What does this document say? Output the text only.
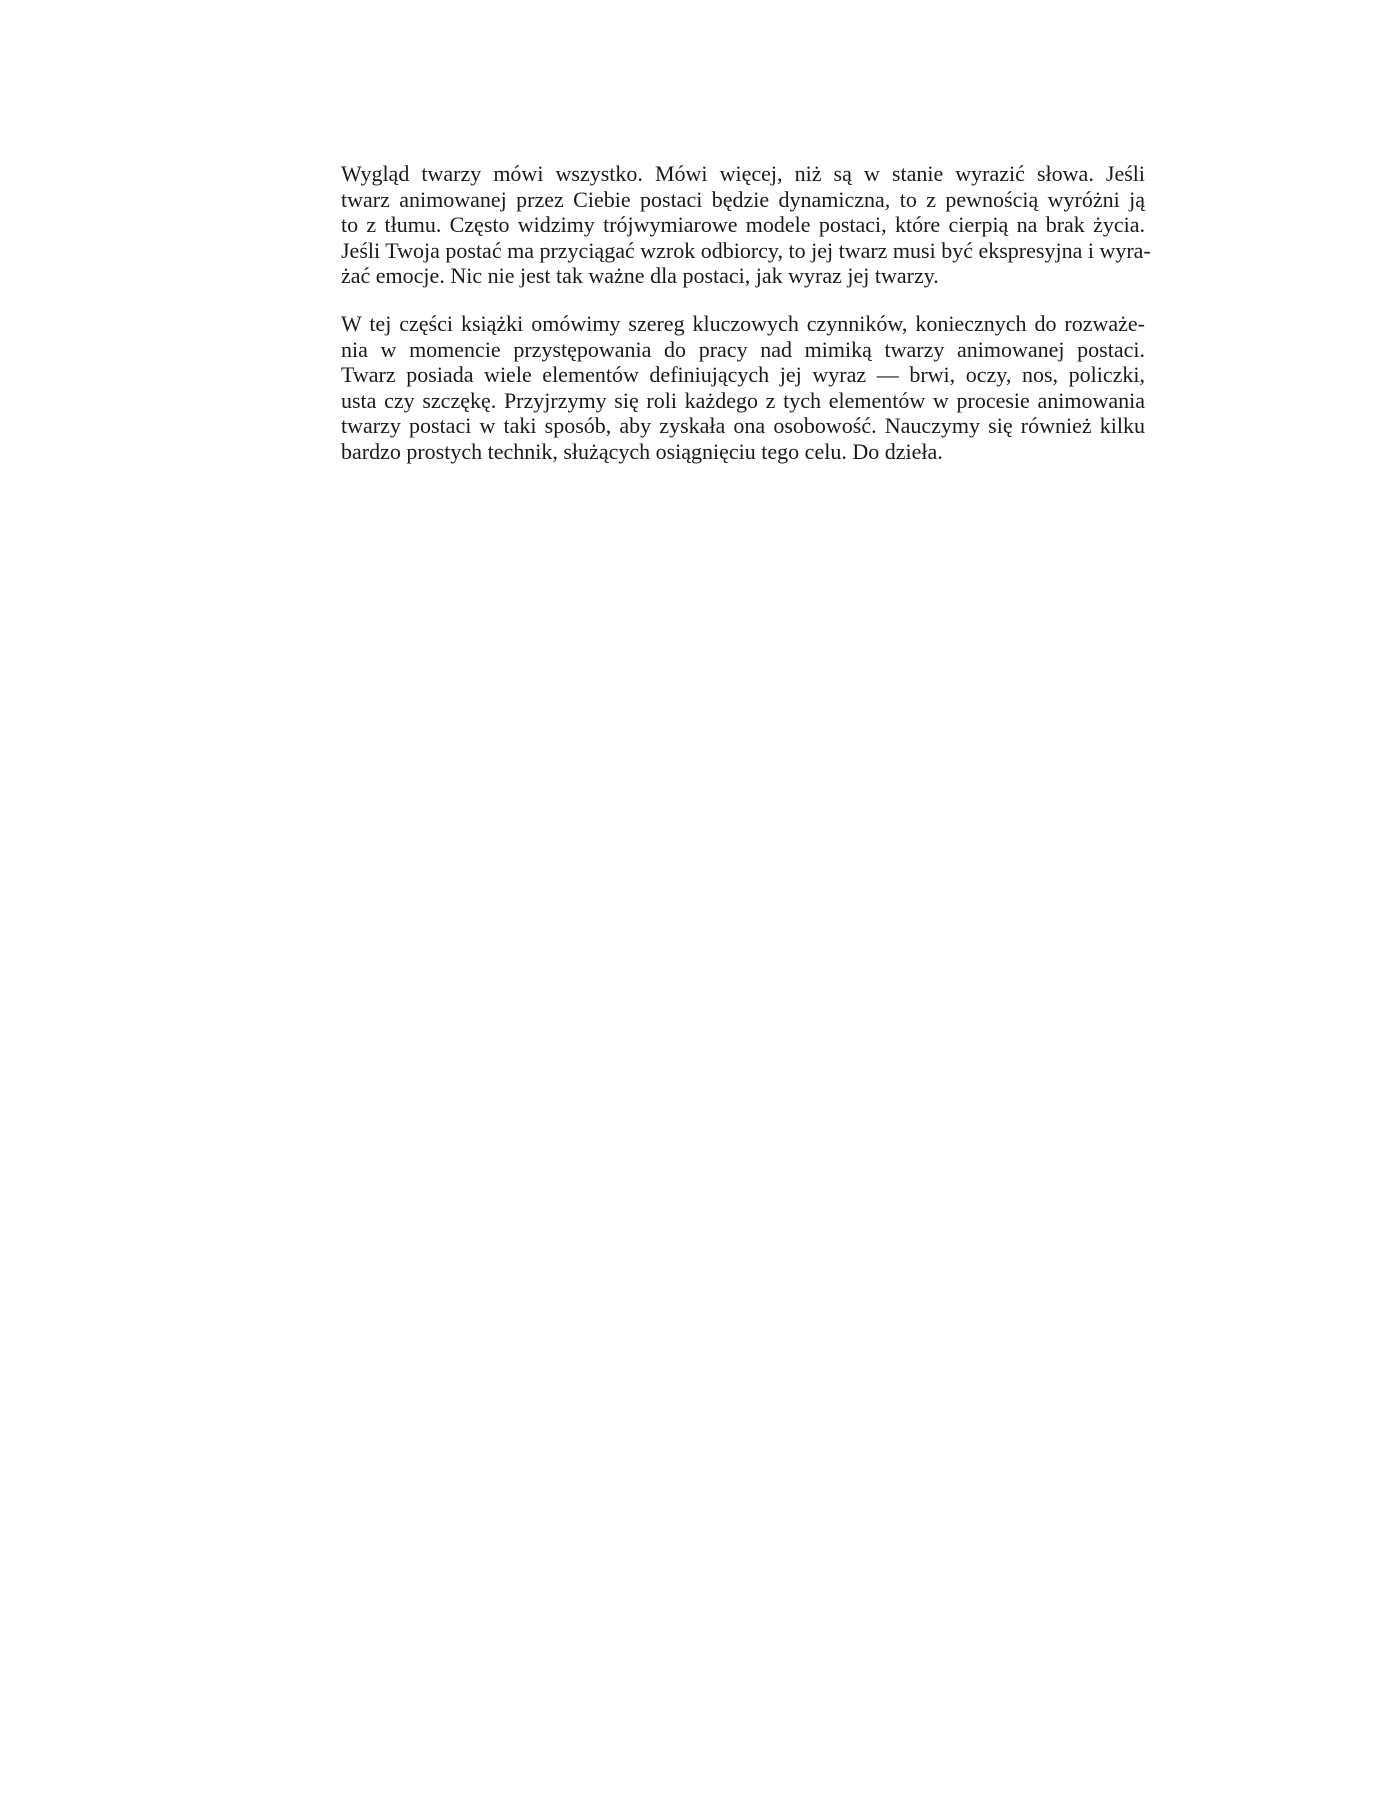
Wygląd twarzy mówi wszystko. Mówi więcej, niż są w stanie wyrazić słowa. Jeśli
twarz animowanej przez Ciebie postaci będzie dynamiczna, to z pewnością wyróżni ją
to z tłumu. Często widzimy trójwymiarowe modele postaci, które cierpią na brak życia.
Jeśli Twoja postać ma przyciągać wzrok odbiorcy, to jej twarz musi być ekspresyjna i wyra-
żać emocje. Nic nie jest tak ważne dla postaci, jak wyraz jej twarzy.

W tej części książki omówimy szereg kluczowych czynników, koniecznych do rozważe-
nia w momencie przystępowania do pracy nad mimiką twarzy animowanej postaci.
Twarz posiada wiele elementów definiujących jej wyraz — brwi, oczy, nos, policzki,
usta czy szczękę. Przyjrzymy się roli każdego z tych elementów w procesie animowania
twarzy postaci w taki sposób, aby zyskała ona osobowość. Nauczymy się również kilku
bardzo prostych technik, służących osiągnięciu tego celu. Do dzieła.
